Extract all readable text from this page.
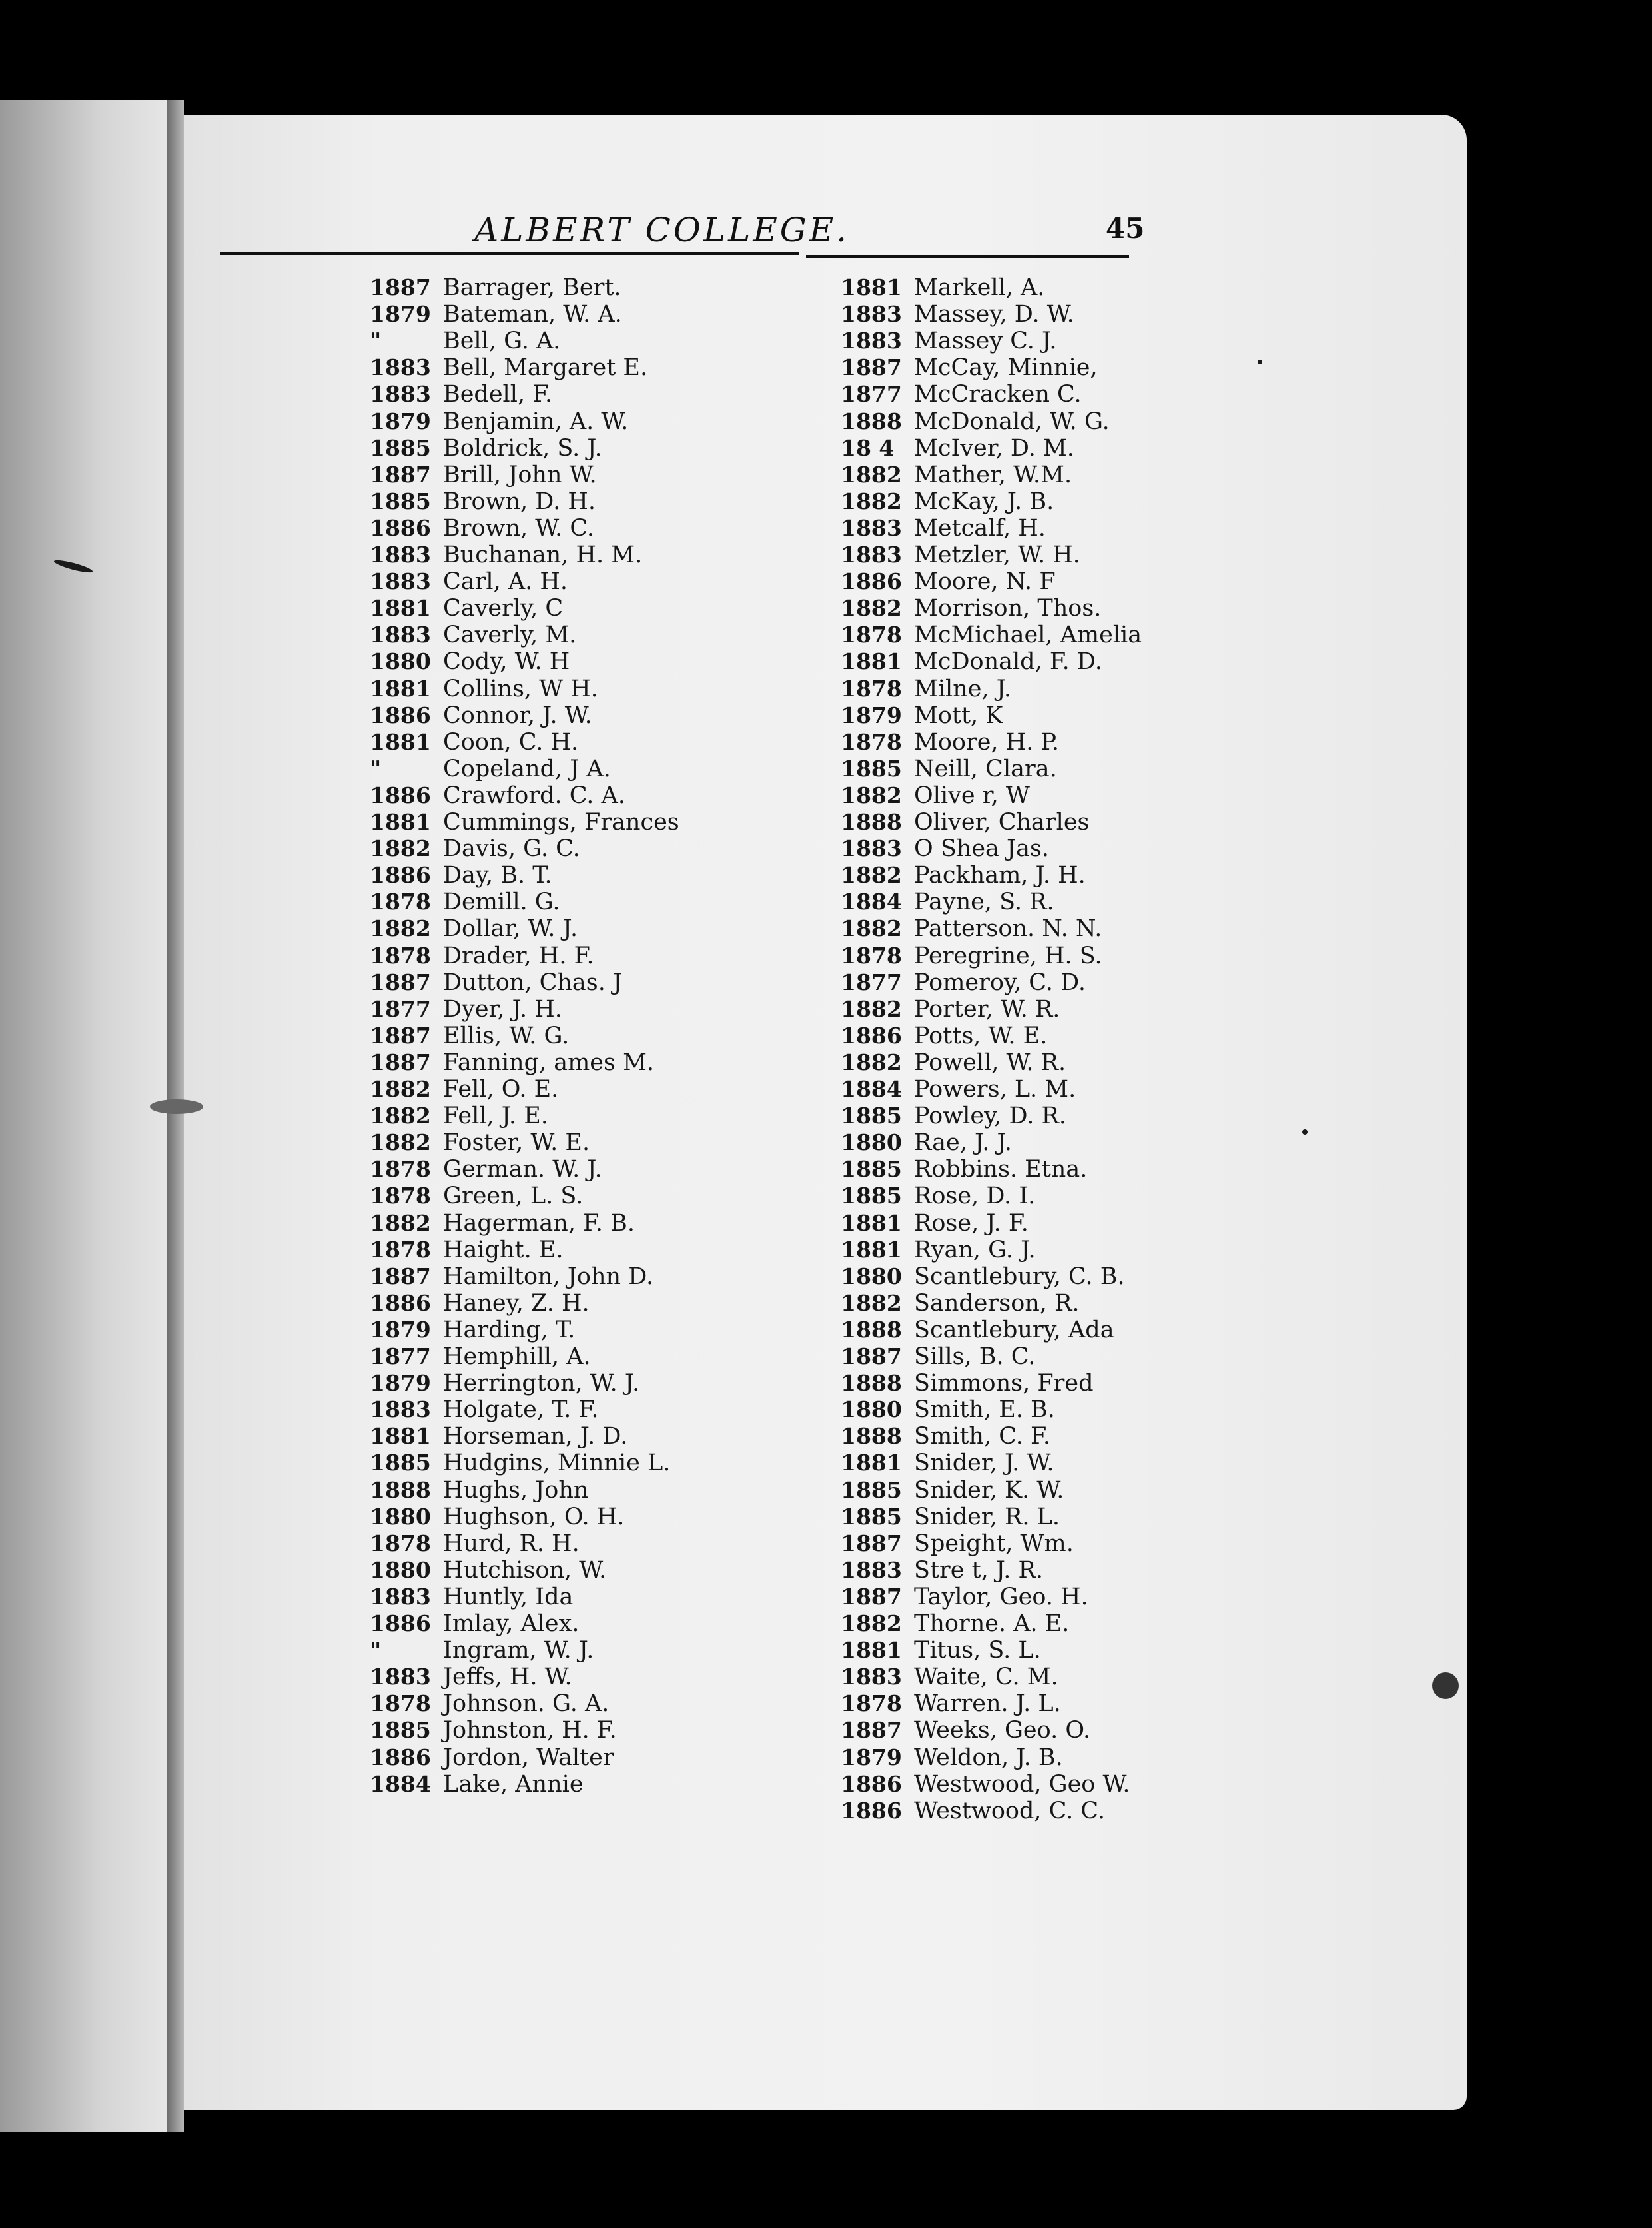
ALBERT COLLEGE.	45
1887 Barrager, Bert.
1879 Bateman, W. A.
"	Bell, G. A.
1883 Bell, Margaret E.
1883 Bedell, F.
1879 Benjamin, A. W.
1885 Boldrick, S. J.
1887 Brill, John W.
1885 Brown, D. H.
1886 Brown, W. C.
1883 Buchanan, H. M.
1883 Carl, A. H.
1881 Caverly, C
1883 Caverly, M.
1880 Cody, W. H
1881 Collins, W H.
1886 Connor, J. W.
1881 Coon, C. H.
"	Copeland, J A.
1886 Crawford. C. A.
1881 Cummings, Frances
1882 Davis, G. C.
1886 Day, B. T.
1878 Demill. G.
1882 Dollar, W. J.
1878 Drader, H. F.
1887 Dutton, Chas. J
1877 Dyer, J. H.
1887 Ellis, W. G.
1887 Fanning, ames M.
1882 Fell, O. E.
1882 Fell, J. E.
1882 Foster, W. E.
1878 German. W. J.
1878 Green, L. S.
1882 Hagerman, F. B.
1878 Haight. E.
1887 Hamilton, John D.
1886 Haney, Z. H.
1879 Harding, T.
1877 Hemphill, A.
1879 Herrington, W. J.
1883 Holgate, T. F.
1881 Horseman, J. D.
1885 Hudgins, Minnie L.
1888 Hughs, John
1880 Hughson, O. H.
1878 Hurd, R. H.
1880 Hutchison, W.
1883 Huntly, Ida
1886 Imlay, Alex.
"	Ingram, W. J.
1883 Jeffs, H. W.
1878 Johnson. G. A.
1885 Johnston, H. F.
1886 Jordon, Walter
1884 Lake, Annie
1881 Markell, A.
1883 Massey, D. W.
1883 Massey C. J.
1887 McCay, Minnie,
1877 McCracken C.
1888 McDonald, W. G.
18 4 McIver, D. M.
1882 Mather, W.M.
1882 McKay, J. B.
1883 Metcalf, H.
1883 Metzler, W. H.
1886 Moore, N. F
1882 Morrison, Thos.
1878 McMichael, Amelia
1881 McDonald, F. D.
1878 Milne, J.
1879 Mott, K
1878 Moore, H. P.
1885 Neill, Clara.
1882 Olive r, W
1888 Oliver, Charles
1883 O Shea Jas.
1882 Packham, J. H.
1884 Payne, S. R.
1882 Patterson. N. N.
1878 Peregrine, H. S.
1877 Pomeroy, C. D.
1882 Porter, W. R.
1886 Potts, W. E.
1882 Powell, W. R.
1884 Powers, L. M.
1885 Powley, D. R.
1880 Rae, J. J.
1885 Robbins. Etna.
1885 Rose, D. I.
1881 Rose, J. F.
1881 Ryan, G. J.
1880 Scantlebury, C. B.
1882 Sanderson, R.
1888 Scantlebury, Ada
1887 Sills, B. C.
1888 Simmons, Fred
1880 Smith, E. B.
1888 Smith, C. F.
1881 Snider, J. W.
1885 Snider, K. W.
1885 Snider, R. L.
1887 Speight, Wm.
1883 Stre t, J. R.
1887 Taylor, Geo. H.
1882 Thorne. A. E.
1881 Titus, S. L.
1883 Waite, C. M.
1878 Warren. J. L.
1887 Weeks, Geo. O.
1879 Weldon, J. B.
1886 Westwood, Geo W.
1886 Westwood, C. C.
